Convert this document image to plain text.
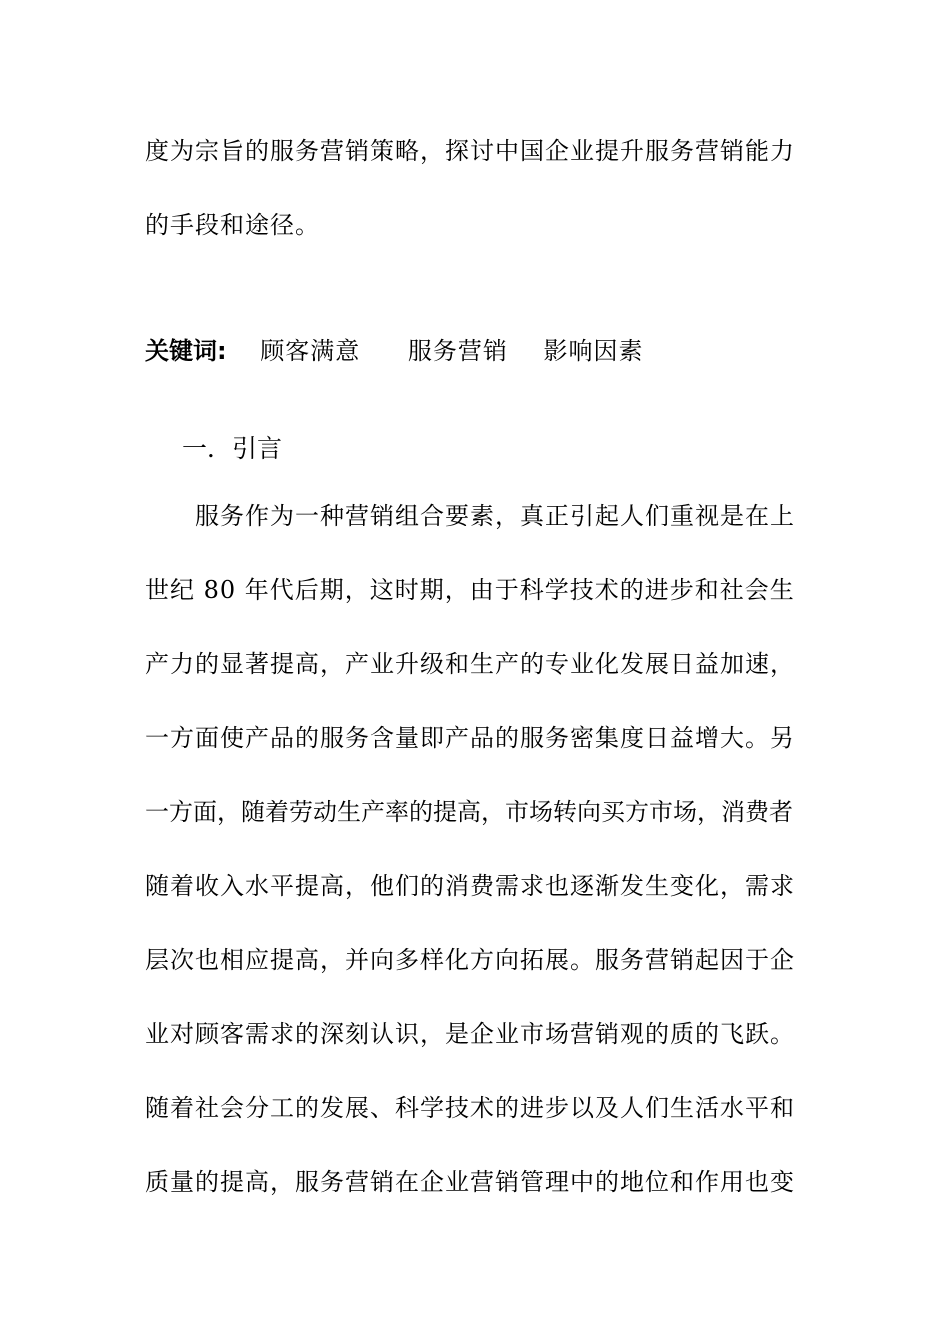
度为宗旨的服务营销策略，探讨中国企业提升服务营销能力

的手段和途径。

关键词: 顾客满意 服务营销 影响因素
一．引言

服务作为一种营销组合要素，真正引起人们重视是在上

世纪 80 年代后期，这时期，由于科学技术的进步和社会生

产力的显著提高，产业升级和生产的专业化发展日益加速，

一方面使产品的服务含量即产品的服务密集度日益增大。另

一方面，随着劳动生产率的提高，市场转向买方市场，消费者

随着收入水平提高，他们的消费需求也逐渐发生变化，需求

层次也相应提高，并向多样化方向拓展。服务营销起因于企

业对顾客需求的深刻认识，是企业市场营销观的质的飞跃。

随着社会分工的发展、科学技术的进步以及人们生活水平和

质量的提高，服务营销在企业营销管理中的地位和作用也变
